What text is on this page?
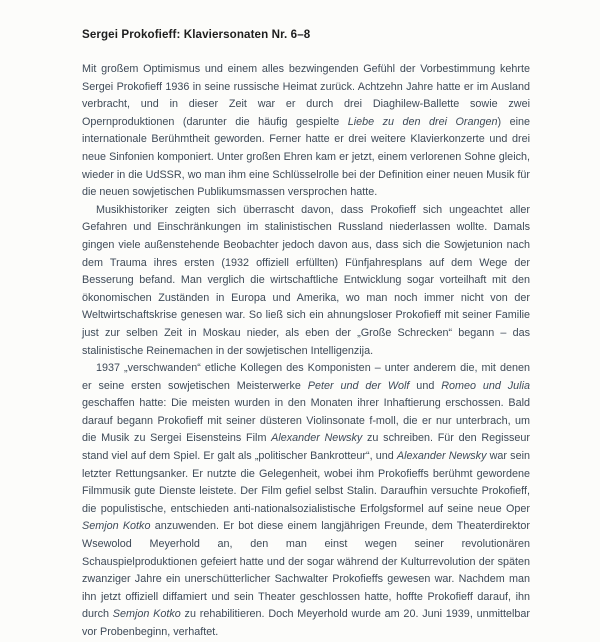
Sergei Prokofieff: Klaviersonaten Nr. 6–8

Mit großem Optimismus und einem alles bezwingenden Gefühl der Vorbestimmung kehrte Sergei Prokofieff 1936 in seine russische Heimat zurück. Achtzehn Jahre hatte er im Ausland verbracht, und in dieser Zeit war er durch drei Diaghilew-Ballette sowie zwei Opernproduktionen (darunter die häufig gespielte Liebe zu den drei Orangen) eine internationale Berühmtheit geworden. Ferner hatte er drei weitere Klavierkonzerte und drei neue Sinfonien komponiert. Unter großen Ehren kam er jetzt, einem verlorenen Sohne gleich, wieder in die UdSSR, wo man ihm eine Schlüsselrolle bei der Definition einer neuen Musik für die neuen sowjetischen Publikumsmassen versprochen hatte.

Musikhistoriker zeigten sich überrascht davon, dass Prokofieff sich ungeachtet aller Gefahren und Einschränkungen im stalinistischen Russland niederlassen wollte. Damals gingen viele außenstehende Beobachter jedoch davon aus, dass sich die Sowjetunion nach dem Trauma ihres ersten (1932 offiziell erfüllten) Fünfjahresplans auf dem Wege der Besserung befand. Man verglich die wirtschaftliche Entwicklung sogar vorteilhaft mit den ökonomischen Zuständen in Europa und Amerika, wo man noch immer nicht von der Weltwirtschaftskrise genesen war. So ließ sich ein ahnungsloser Prokofieff mit seiner Familie just zur selben Zeit in Moskau nieder, als eben der „Große Schrecken“ begann – das stalinistische Reinemachen in der sowjetischen Intelligenzija.

1937 „verschwanden“ etliche Kollegen des Komponisten – unter anderem die, mit denen er seine ersten sowjetischen Meisterwerke Peter und der Wolf und Romeo und Julia geschaffen hatte: Die meisten wurden in den Monaten ihrer Inhaftierung erschossen. Bald darauf begann Prokofieff mit seiner düsteren Violinsonate f-moll, die er nur unterbrach, um die Musik zu Sergei Eisensteins Film Alexander Newsky zu schreiben. Für den Regisseur stand viel auf dem Spiel. Er galt als „politischer Bankrotteur“, und Alexander Newsky war sein letzter Rettungsanker. Er nutzte die Gelegenheit, wobei ihm Prokofieffs berühmt gewordene Filmmusik gute Dienste leistete. Der Film gefiel selbst Stalin. Daraufhin versuchte Prokofieff, die populistische, entschieden anti-nationalsozialistische Erfolgsformel auf seine neue Oper Semjon Kotko anzuwenden. Er bot diese einem langjährigen Freunde, dem Theaterdirektor Wsewolod Meyerhold an, den man einst wegen seiner revolutionären Schauspielproduktionen gefeiert hatte und der sogar während der Kulturrevolution der späten zwanziger Jahre ein unerschütterlicher Sachwalter Prokofieffs gewesen war. Nachdem man ihn jetzt offiziell diffamiert und sein Theater geschlossen hatte, hoffte Prokofieff darauf, ihn durch Semjon Kotko zu rehabilitieren. Doch Meyerhold wurde am 20. Juni 1939, unmittelbar vor Probenbeginn, verhaftet.
